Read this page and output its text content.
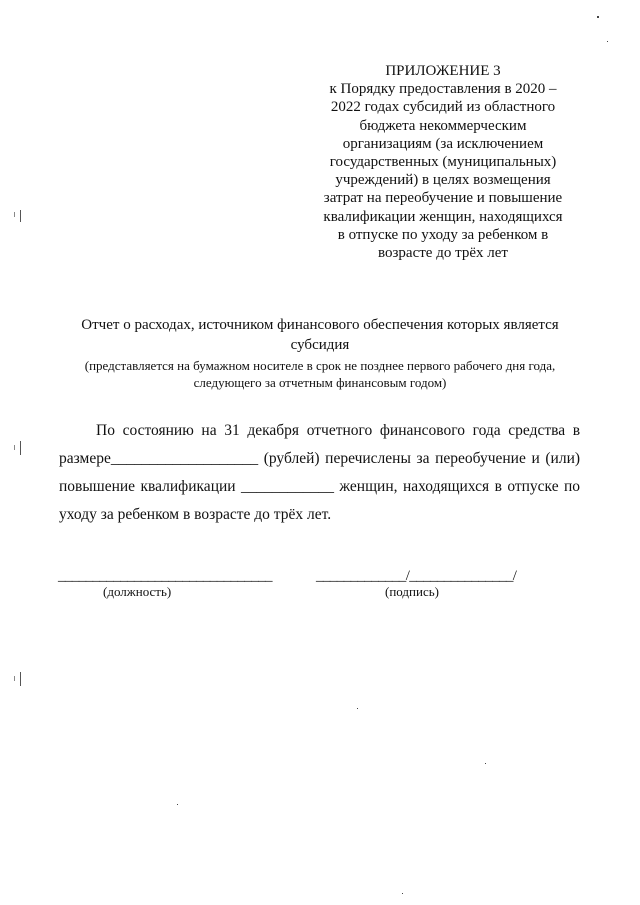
ПРИЛОЖЕНИЕ 3
к Порядку предоставления в 2020 –
2022 годах субсидий из областного
бюджета некоммерческим
организациям (за исключением
государственных (муниципальных)
учреждений) в целях возмещения
затрат на переобучение и повышение
квалификации женщин, находящихся
в отпуске по уходу за ребенком в
возрасте до трёх лет
Отчет о расходах, источником финансового обеспечения которых является
субсидия
(представляется на бумажном носителе в срок не позднее первого рабочего дня года,
следующего за отчетным финансовым годом)
По состоянию на 31 декабря отчетного финансового года средства в
размере___________________ (рублей) перечислены за переобучение и (или)
повышение квалификации ____________ женщин, находящихся в отпуске по
уходу за ребенком в возрасте до трёх лет.
_______________________________
(должность)
_____________/_______________/
(подпись)
